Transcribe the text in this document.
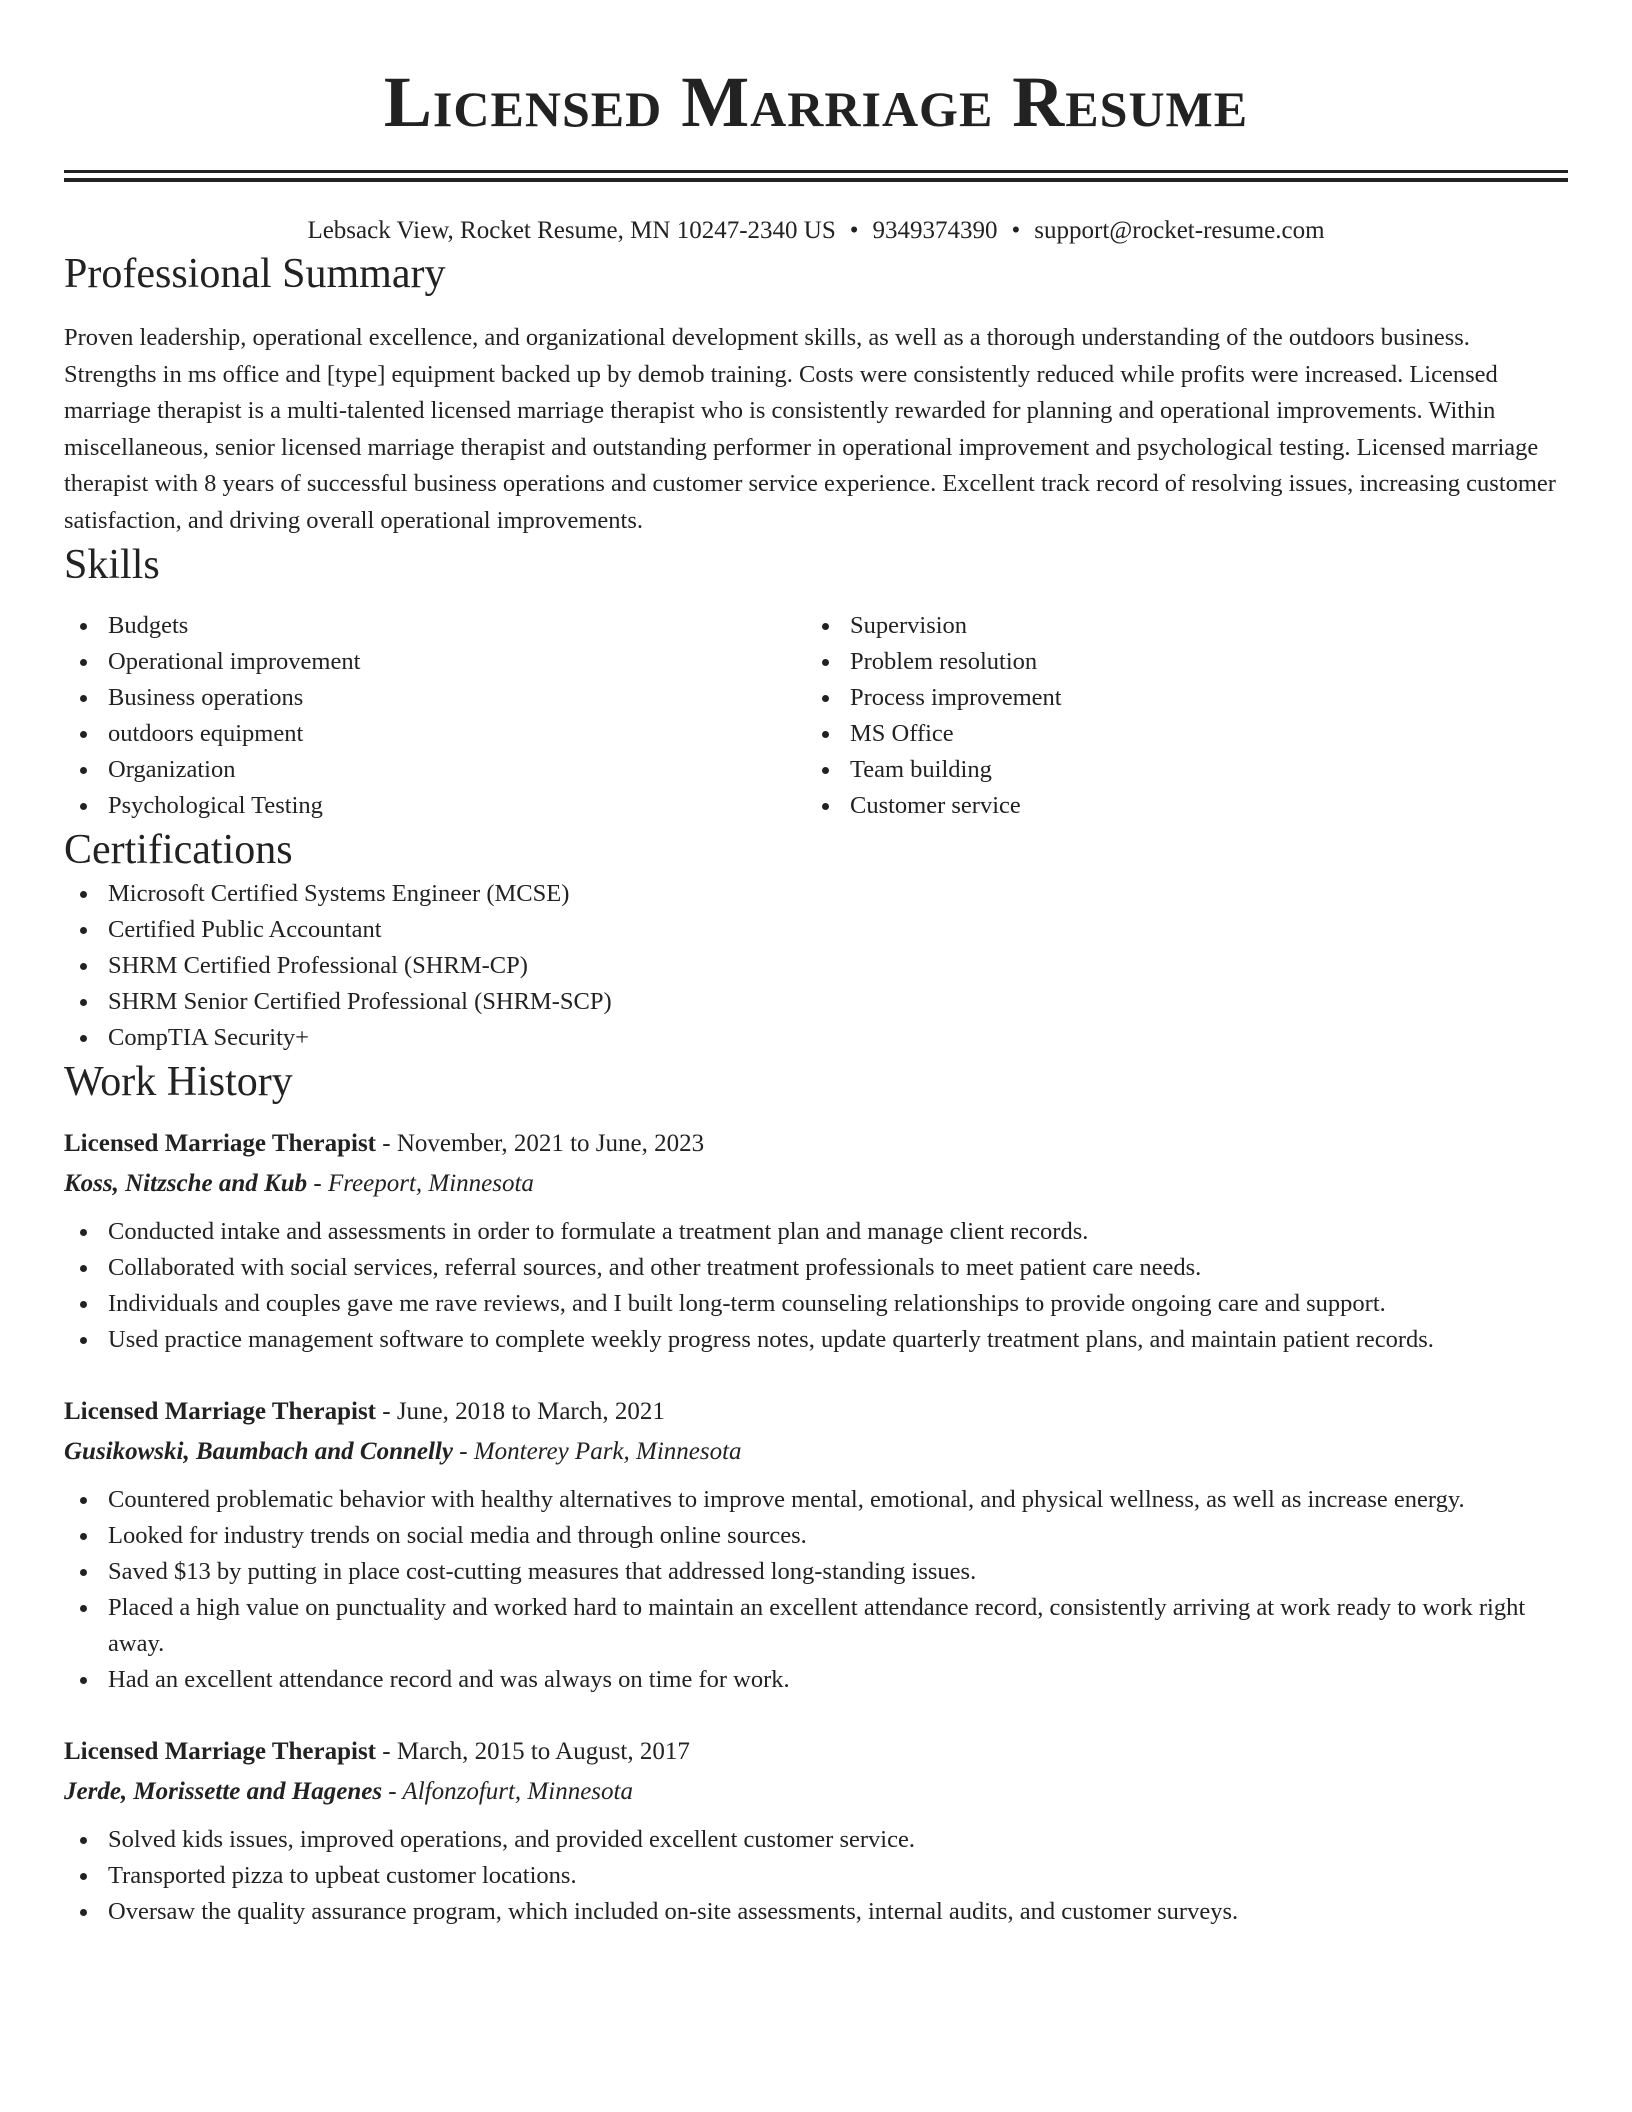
Licensed Marriage Resume
Lebsack View, Rocket Resume, MN 10247-2340 US • 9349374390 • support@rocket-resume.com
Professional Summary

Proven leadership, operational excellence, and organizational development skills, as well as a thorough understanding of the outdoors business. Strengths in ms office and [type] equipment backed up by demob training. Costs were consistently reduced while profits were increased. Licensed marriage therapist is a multi-talented licensed marriage therapist who is consistently rewarded for planning and operational improvements. Within miscellaneous, senior licensed marriage therapist and outstanding performer in operational improvement and psychological testing. Licensed marriage therapist with 8 years of successful business operations and customer service experience. Excellent track record of resolving issues, increasing customer satisfaction, and driving overall operational improvements.

Skills
Budgets
Operational improvement
Business operations
outdoors equipment
Organization
Psychological Testing
Supervision
Problem resolution
Process improvement
MS Office
Team building
Customer service
Certifications
Microsoft Certified Systems Engineer (MCSE)
Certified Public Accountant
SHRM Certified Professional (SHRM-CP)
SHRM Senior Certified Professional (SHRM-SCP)
CompTIA Security+
Work History
Licensed Marriage Therapist - November, 2021 to June, 2023
Koss, Nitzsche and Kub - Freeport, Minnesota
Conducted intake and assessments in order to formulate a treatment plan and manage client records.
Collaborated with social services, referral sources, and other treatment professionals to meet patient care needs.
Individuals and couples gave me rave reviews, and I built long-term counseling relationships to provide ongoing care and support.
Used practice management software to complete weekly progress notes, update quarterly treatment plans, and maintain patient records.
Licensed Marriage Therapist - June, 2018 to March, 2021
Gusikowski, Baumbach and Connelly - Monterey Park, Minnesota
Countered problematic behavior with healthy alternatives to improve mental, emotional, and physical wellness, as well as increase energy.
Looked for industry trends on social media and through online sources.
Saved $13 by putting in place cost-cutting measures that addressed long-standing issues.
Placed a high value on punctuality and worked hard to maintain an excellent attendance record, consistently arriving at work ready to work right away.
Had an excellent attendance record and was always on time for work.
Licensed Marriage Therapist - March, 2015 to August, 2017
Jerde, Morissette and Hagenes - Alfonzofurt, Minnesota
Solved kids issues, improved operations, and provided excellent customer service.
Transported pizza to upbeat customer locations.
Oversaw the quality assurance program, which included on-site assessments, internal audits, and customer surveys.
